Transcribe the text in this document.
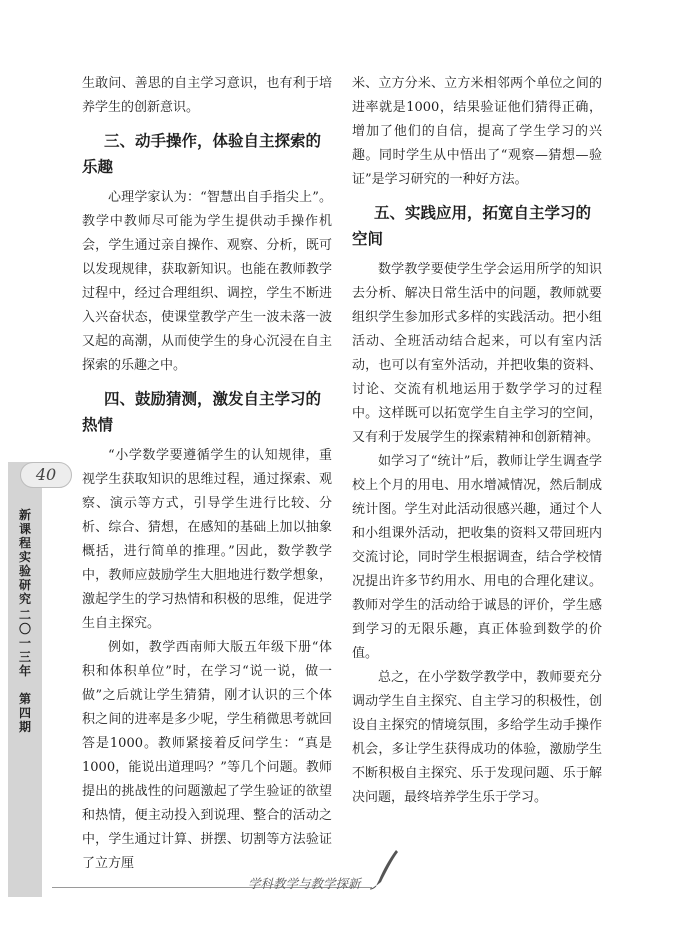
40
新
课
程
实
验
研
究
二
〇
一
三
年

第
四
期

生敢问、善思的自主学习意识，也有利于培养学生的创新意识。

三、动手操作，体验自主探索的乐趣

心理学家认为：“智慧出自手指尖上”。教学中教师尽可能为学生提供动手操作机会，学生通过亲自操作、观察、分析，既可以发现规律，获取新知识。也能在教师教学过程中，经过合理组织、调控，学生不断进入兴奋状态，使课堂教学产生一波未落一波又起的高潮，从而使学生的身心沉浸在自主探索的乐趣之中。

四、鼓励猜测，激发自主学习的热情

“小学数学要遵循学生的认知规律，重视学生获取知识的思维过程，通过探索、观察、演示等方式，引导学生进行比较、分析、综合、猜想，在感知的基础上加以抽象概括，进行简单的推理。”因此，数学教学中，教师应鼓励学生大胆地进行数学想象，激起学生的学习热情和积极的思维，促进学生自主探究。

例如，教学西南师大版五年级下册“体积和体积单位”时，在学习“说一说，做一做”之后就让学生猜猜，刚才认识的三个体积之间的进率是多少呢，学生稍微思考就回答是1000。教师紧接着反问学生：“真是1000，能说出道理吗？”等几个问题。教师提出的挑战性的问题激起了学生验证的欲望和热情，便主动投入到说理、整合的活动之中，学生通过计算、拼摆、切割等方法验证了立方厘

米、立方分米、立方米相邻两个单位之间的进率就是1000，结果验证他们猜得正确，增加了他们的自信，提高了学生学习的兴趣。同时学生从中悟出了“观察—猜想—验证”是学习研究的一种好方法。

五、实践应用，拓宽自主学习的空间

数学教学要使学生学会运用所学的知识去分析、解决日常生活中的问题，教师就要组织学生参加形式多样的实践活动。把小组活动、全班活动结合起来，可以有室内活动，也可以有室外活动，并把收集的资料、讨论、交流有机地运用于数学学习的过程中。这样既可以拓宽学生自主学习的空间，又有利于发展学生的探索精神和创新精神。

如学习了“统计”后，教师让学生调查学校上个月的用电、用水增减情况，然后制成统计图。学生对此活动很感兴趣，通过个人和小组课外活动，把收集的资料又带回班内交流讨论，同时学生根据调查，结合学校情况提出许多节约用水、用电的合理化建议。教师对学生的活动给于诚恳的评价，学生感到学习的无限乐趣，真正体验到数学的价值。

总之，在小学数学教学中，教师要充分调动学生自主探究、自主学习的积极性，创设自主探究的情境氛围，多给学生动手操作机会，多让学生获得成功的体验，激励学生不断积极自主探究、乐于发现问题、乐于解决问题，最终培养学生乐于学习。

学科教学与教学探新
